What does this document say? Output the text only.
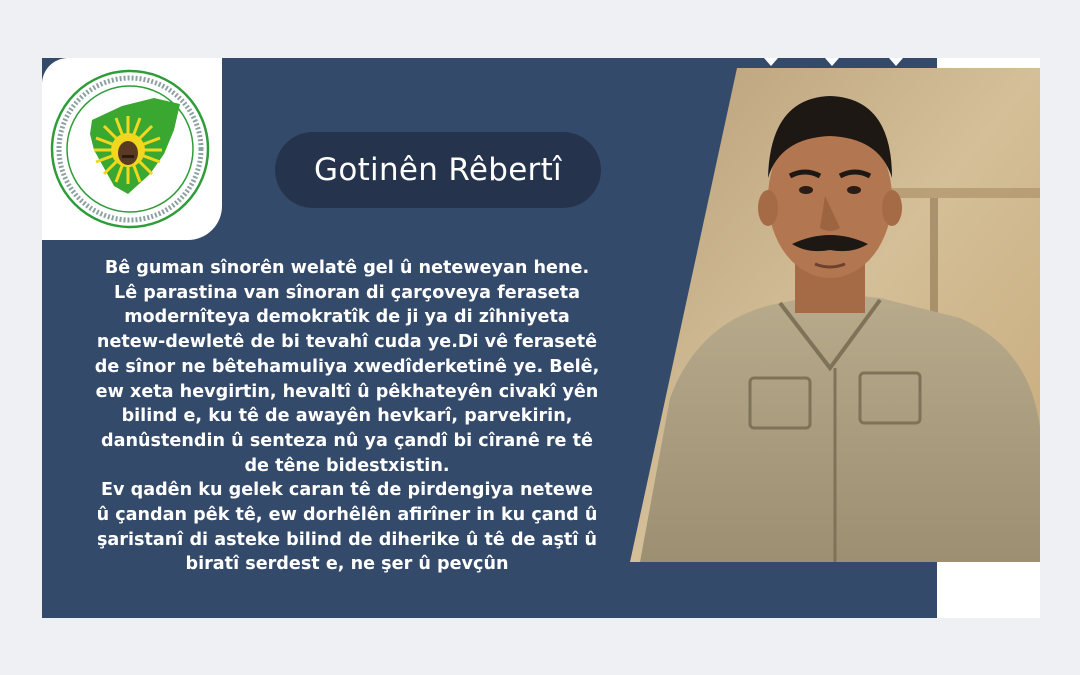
Gotinên Rêbertî

Bê guman sînorên welatê gel û neteweyan hene.
Lê parastina van sînoran di çarçoveya feraseta
modernîteya demokratîk de ji ya di zîhniyeta
netew-dewletê de bi tevahî cuda ye.Di vê ferasetê
de sînor ne bêtehamuliya xwedîderketinê ye. Belê,
ew xeta hevgirtin, hevaltî û pêkhateyên civakî yên
bilind e, ku tê de awayên hevkarî, parvekirin,
danûstendin û senteza nû ya çandî bi cîranê re tê
de têne bidestxistin.
Ev qadên ku gelek caran tê de pirdengiya netewe
û çandan pêk tê, ew dorhêlên afirîner in ku çand û
şaristanî di asteke bilind de diherike û tê de aştî û
biratî serdest e, ne şer û pevçûn
